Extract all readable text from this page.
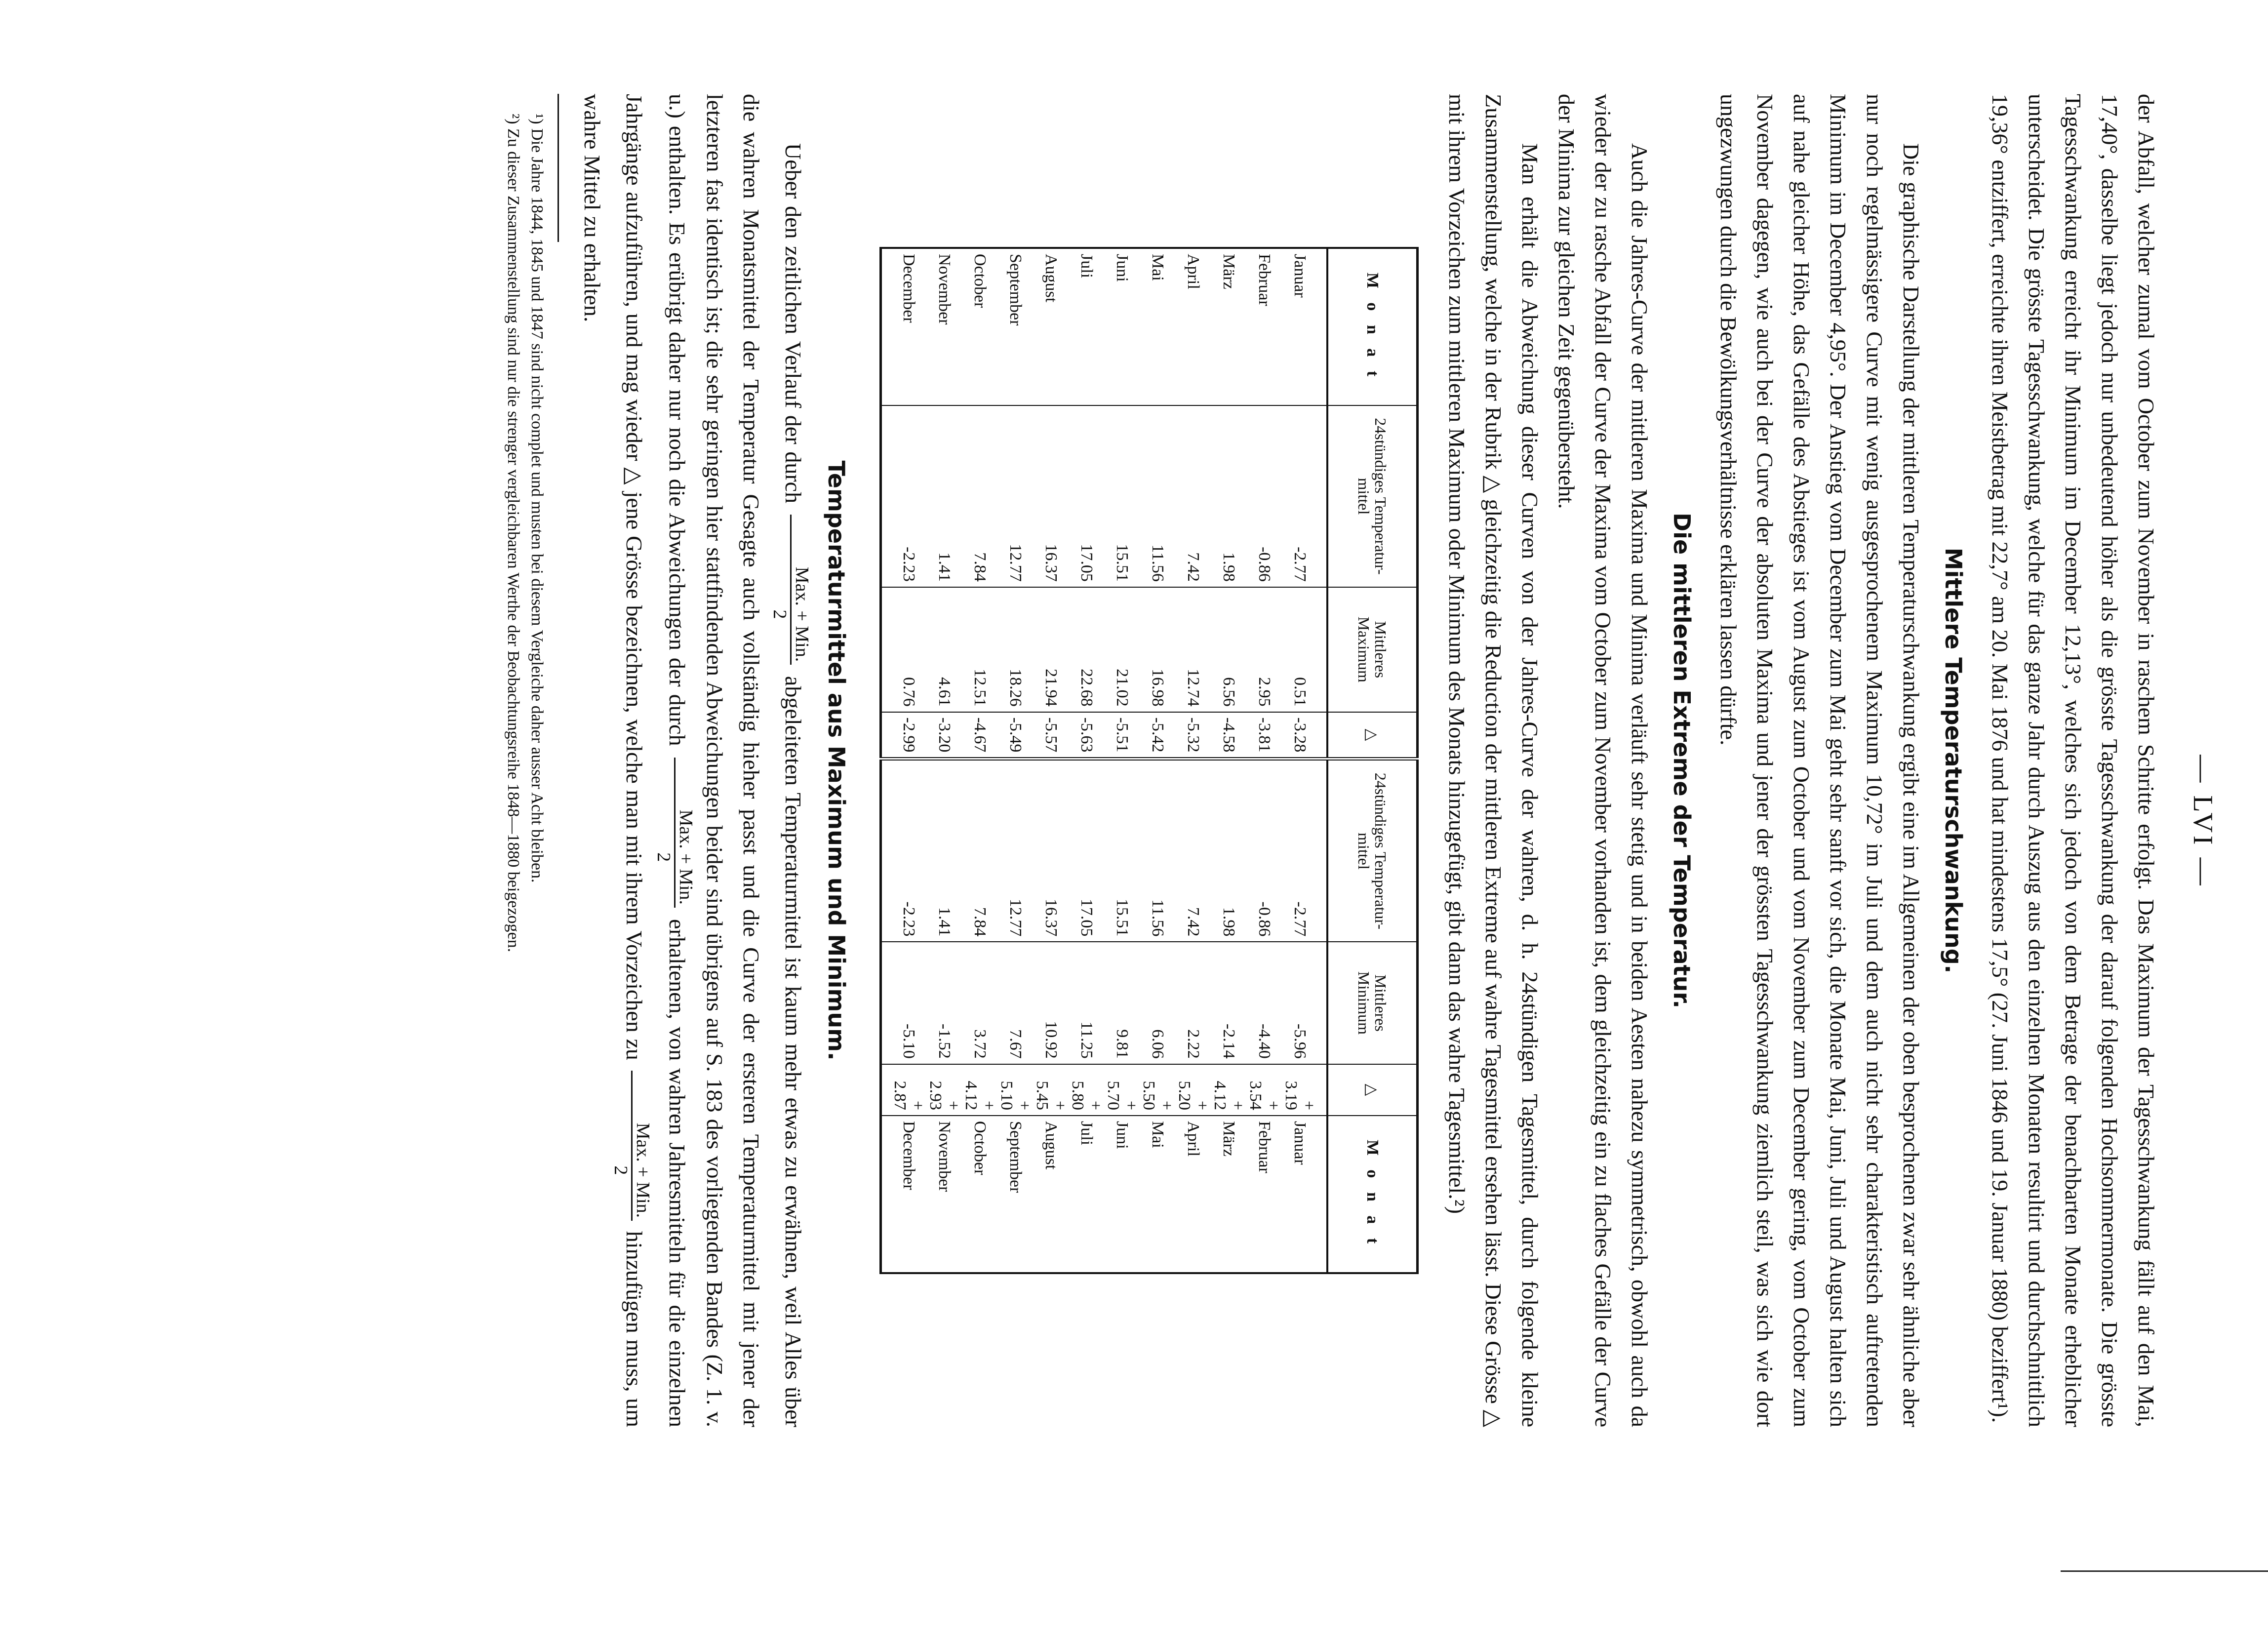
— LVI —

der Abfall, welcher zumal vom October zum November in raschem Schritte erfolgt. Das Maximum der Tagesschwankung fällt auf den Mai, 17,40°, dasselbe liegt jedoch nur unbedeutend höher als die grösste Tagesschwankung der darauf folgenden Hochsommermonate. Die grösste Tagesschwankung erreicht ihr Minimum im December 12,13°, welches sich jedoch von dem Betrage der benachbarten Monate erheblicher unterscheidet. Die grösste Tagesschwankung, welche für das ganze Jahr durch Auszug aus den einzelnen Monaten resultirt und durchschnittlich 19,36° entziffert, erreichte ihren Meistbetrag mit 22,7° am 20. Mai 1876 und hat mindestens 17,5° (27. Juni 1846 und 19. Januar 1880) beziffert¹).

Mittlere Temperaturschwankung.

Die graphische Darstellung der mittleren Temperaturschwankung ergibt eine im Allgemeinen der oben besprochenen zwar sehr ähnliche aber nur noch regelmässigere Curve mit wenig ausgesprochenem Maximum 10,72° im Juli und dem auch nicht sehr charakteristisch auftretenden Minimum im December 4,95°. Der Anstieg vom December zum Mai geht sehr sanft vor sich, die Monate Mai, Juni, Juli und August halten sich auf nahe gleicher Höhe, das Gefälle des Abstieges ist vom August zum October und vom November zum December gering, vom October zum November dagegen, wie auch bei der Curve der absoluten Maxima und jener der grössten Tagesschwankung ziemlich steil, was sich wie dort ungezwungen durch die Bewölkungsverhältnisse erklären lassen dürfte.

Die mittleren Extreme der Temperatur.

Auch die Jahres-Curve der mittleren Maxima und Minima verläuft sehr stetig und in beiden Aesten nahezu symmetrisch, obwohl auch da wieder der zu rasche Abfall der Curve der Maxima vom October zum November vorhanden ist, dem gleichzeitig ein zu flaches Gefälle der Curve der Minima zur gleichen Zeit gegenübersteht.

Man erhält die Abweichung dieser Curven von der Jahres-Curve der wahren, d. h. 24stündigen Tagesmittel, durch folgende kleine Zusammenstellung, welche in der Rubrik △ gleichzeitig die Reduction der mittleren Extreme auf wahre Tagesmittel ersehen lässt. Diese Grösse △ mit ihrem Vorzeichen zum mittleren Maximum oder Minimum des Monats hinzugefügt, gibt dann das wahre Tagesmittel.²)

M o n a t	24stündiges Temperatur-mittel	Mittleres Maximum	△	24stündiges Temperatur-mittel	Mittleres Minimum	△	M o n a t
Januar	-2.77	0.51	-3.28	-2.77	-5.96	+ 3.19	Januar
Februar	-0.86	2.95	-3.81	-0.86	-4.40	+ 3.54	Februar
März	1.98	6.56	-4.58	1.98	-2.14	+ 4.12	März
April	7.42	12.74	-5.32	7.42	2.22	+ 5.20	April
Mai	11.56	16.98	-5.42	11.56	6.06	+ 5.50	Mai
Juni	15.51	21.02	-5.51	15.51	9.81	+ 5.70	Juni
Juli	17.05	22.68	-5.63	17.05	11.25	+ 5.80	Juli
August	16.37	21.94	-5.57	16.37	10.92	+ 5.45	August
September	12.77	18.26	-5.49	12.77	7.67	+ 5.10	September
October	7.84	12.51	-4.67	7.84	3.72	+ 4.12	October
November	1.41	4.61	-3.20	1.41	-1.52	+ 2.93	November
December	-2.23	0.76	-2.99	-2.23	-5.10	+ 2.87	December
Temperaturmittel aus Maximum und Minimum.

Ueber den zeitlichen Verlauf der durch
Max. + Min.
2
abgeleiteten Temperaturmittel ist kaum mehr etwas zu erwähnen, weil Alles über die wahren Monatsmittel der Temperatur Gesagte auch vollständig hieher passt und die Curve der ersteren Temperaturmittel mit jener der letzteren fast identisch ist; die sehr geringen hier stattfindenden Abweichungen beider sind übrigens auf S. 183 des vorliegenden Bandes (Z. 1. v. u.) enthalten. Es erübrigt daher nur noch die Abweichungen der durch
Max. + Min.
2
erhaltenen, von wahren Jahresmitteln für die einzelnen Jahrgänge aufzuführen, und mag wieder △ jene Grösse bezeichnen, welche man mit ihrem Vorzeichen zu
Max. + Min.
2
hinzufügen muss, um wahre Mittel zu erhalten.

¹) Die Jahre 1844, 1845 und 1847 sind nicht complet und musten bei diesem Vergleiche daher ausser Acht bleiben.
²) Zu dieser Zusammenstellung sind nur die strenger vergleichbaren Werthe der Beobachtungsreihe 1848—1880 beigezogen.
